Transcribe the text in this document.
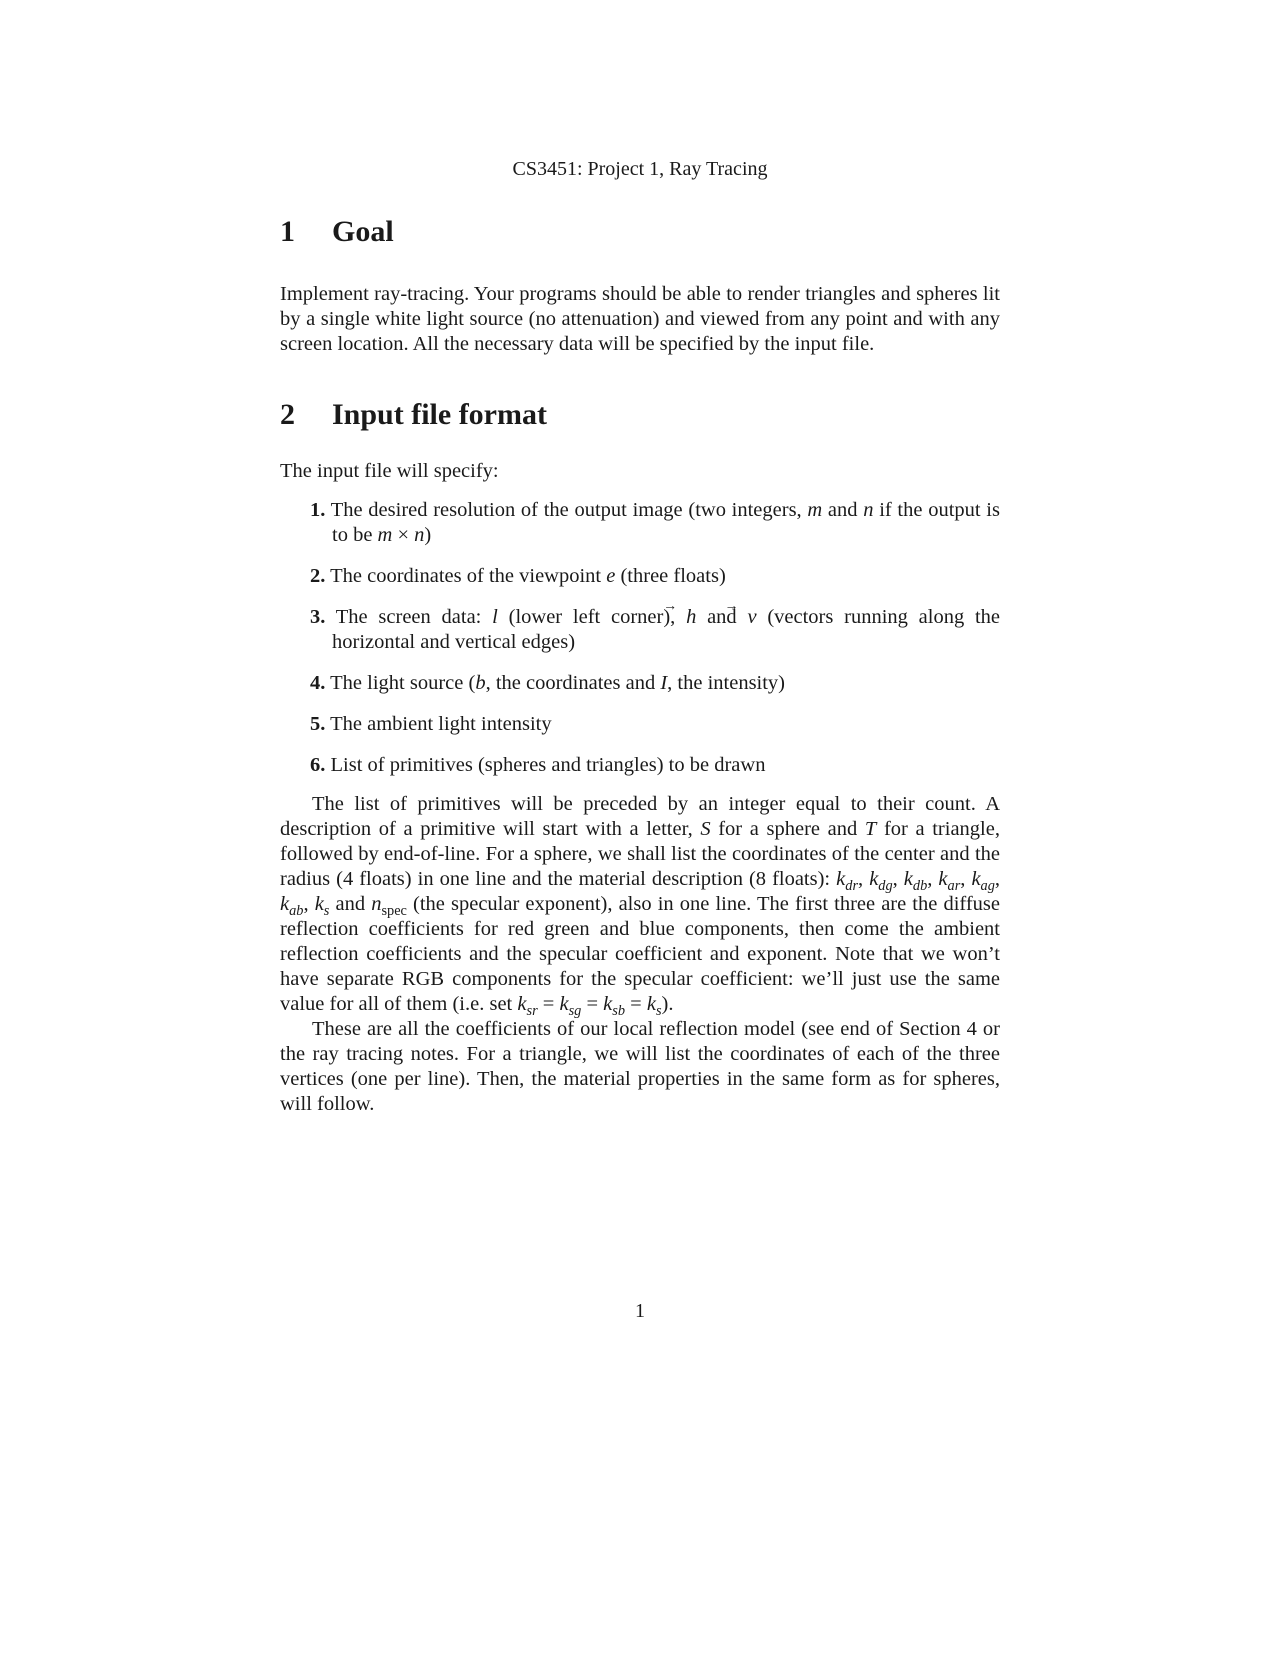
CS3451: Project 1, Ray Tracing
1 Goal

Implement ray-tracing. Your programs should be able to render triangles and spheres lit by a single white light source (no attenuation) and viewed from any point and with any screen location. All the necessary data will be specified by the input file.

2 Input file format

The input file will specify:

1. The desired resolution of the output image (two integers, m and n if the output is to be m × n)
2. The coordinates of the viewpoint e (three floats)
3. The screen data: l (lower left corner), → h and → v (vectors running along the horizontal and vertical edges)
4. The light source (b, the coordinates and I, the intensity)
5. The ambient light intensity
6. List of primitives (spheres and triangles) to be drawn

The list of primitives will be preceded by an integer equal to their count. A description of a primitive will start with a letter, S for a sphere and T for a triangle, followed by end-of-line. For a sphere, we shall list the coordinates of the center and the radius (4 floats) in one line and the material description (8 floats): $k_{dr}$, $k_{dg}$, $k_{db}$, $k_{ar}$, $k_{ag}$, $k_{ab}$, $k_s$ and $n_{spec}$ (the specular exponent), also in one line. The first three are the diffuse reflection coefficients for red green and blue components, then come the ambient reflection coefficients and the specular coefficient and exponent. Note that we won’t have separate RGB components for the specular coefficient: we’ll just use the same value for all of them (i.e. set $k_{sr} = k_{sg} = k_{sb} = k_s$).

These are all the coefficients of our local reflection model (see end of Section 4 or the ray tracing notes. For a triangle, we will list the coordinates of each of the three vertices (one per line). Then, the material properties in the same form as for spheres, will follow.

1
